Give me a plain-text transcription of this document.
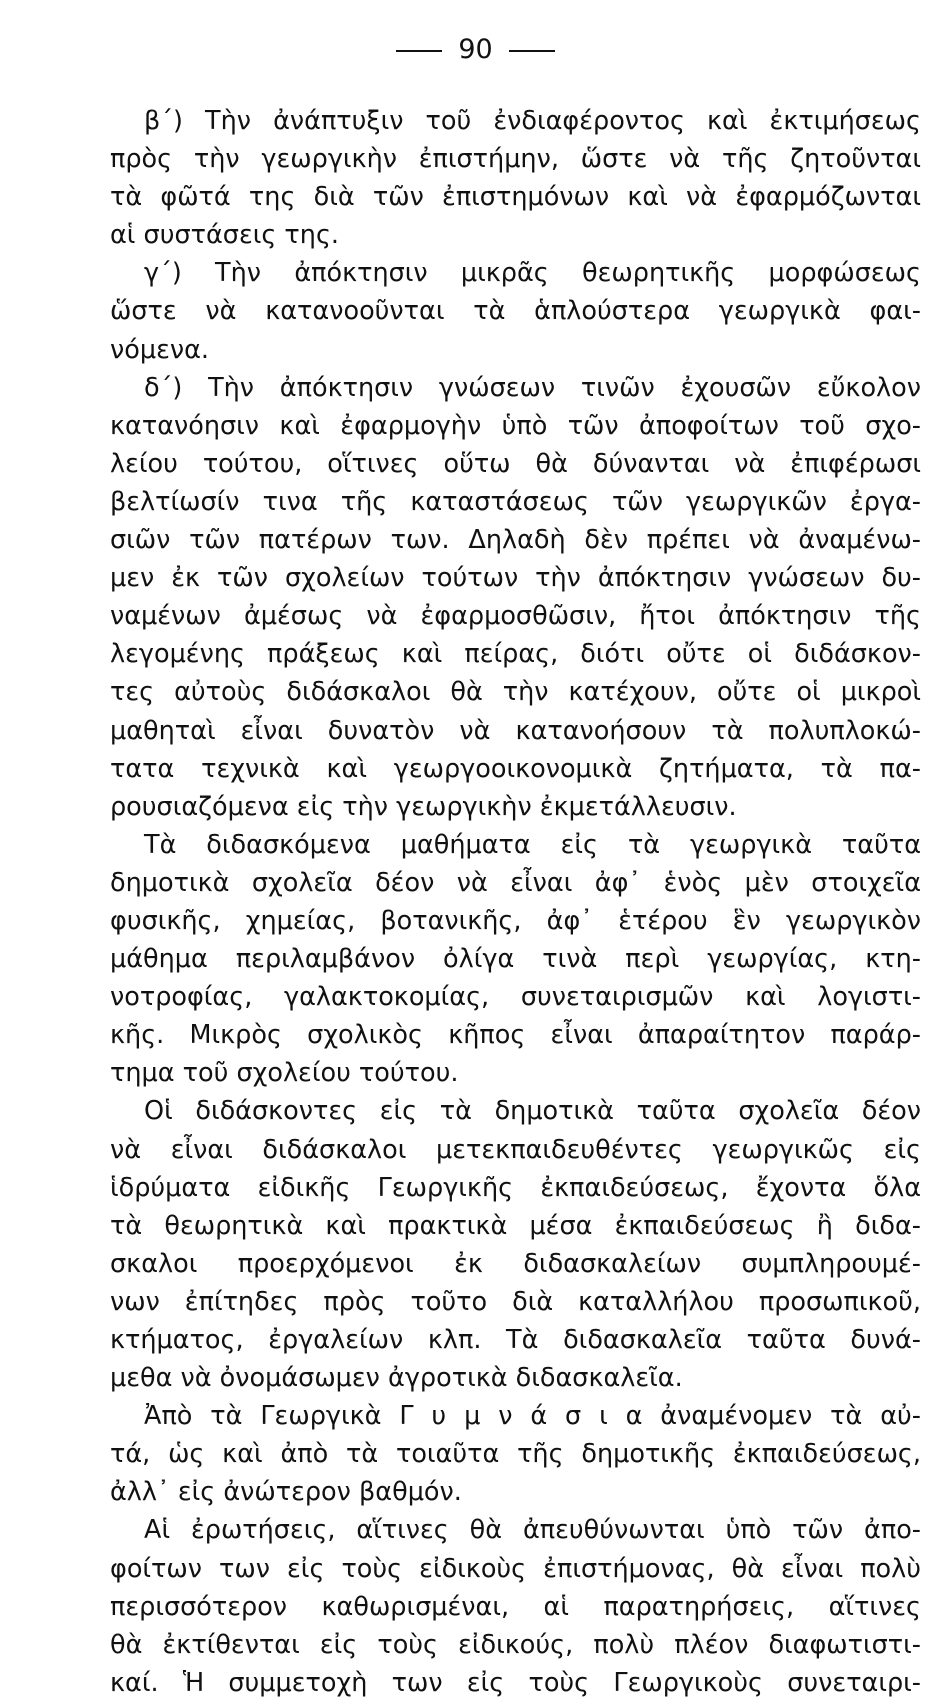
90
β΄) Τὴν ἀνάπτυξιν τοῦ ἐνδιαφέροντος καὶ ἐκτιμήσεως
πρὸς τὴν γεωργικὴν ἐπιστήμην, ὥστε νὰ τῆς ζητοῦνται
τὰ φῶτά της διὰ τῶν ἐπιστημόνων καὶ νὰ ἐφαρμόζωνται
αἱ συστάσεις της.
γ΄) Τὴν ἀπόκτησιν μικρᾶς θεωρητικῆς μορφώσεως
ὥστε νὰ κατανοοῦνται τὰ ἁπλούστερα γεωργικὰ φαι-
νόμενα.
δ΄) Τὴν ἀπόκτησιν γνώσεων τινῶν ἐχουσῶν εὔκολον
κατανόησιν καὶ ἐφαρμογὴν ὑπὸ τῶν ἀποφοίτων τοῦ σχο-
λείου τούτου, οἵτινες οὕτω θὰ δύνανται νὰ ἐπιφέρωσι
βελτίωσίν τινα τῆς καταστάσεως τῶν γεωργικῶν ἐργα-
σιῶν τῶν πατέρων των. Δηλαδὴ δὲν πρέπει νὰ ἀναμένω-
μεν ἐκ τῶν σχολείων τούτων τὴν ἀπόκτησιν γνώσεων δυ-
ναμένων ἀμέσως νὰ ἐφαρμοσθῶσιν, ἤτοι ἀπόκτησιν τῆς
λεγομένης πράξεως καὶ πείρας, διότι οὔτε οἱ διδάσκον-
τες αὐτοὺς διδάσκαλοι θὰ τὴν κατέχουν, οὔτε οἱ μικροὶ
μαθηταὶ εἶναι δυνατὸν νὰ κατανοήσουν τὰ πολυπλοκώ-
τατα τεχνικὰ καὶ γεωργοοικονομικὰ ζητήματα, τὰ πα-
ρουσιαζόμενα εἰς τὴν γεωργικὴν ἐκμετάλλευσιν.
Τὰ διδασκόμενα μαθήματα εἰς τὰ γεωργικὰ ταῦτα
δημοτικὰ σχολεῖα δέον νὰ εἶναι ἀφ᾽ ἑνὸς μὲν στοιχεῖα
φυσικῆς, χημείας, βοτανικῆς, ἀφ᾽ ἑτέρου ἓν γεωργικὸν
μάθημα περιλαμβάνον ὀλίγα τινὰ περὶ γεωργίας, κτη-
νοτροφίας, γαλακτοκομίας, συνεταιρισμῶν καὶ λογιστι-
κῆς. Μικρὸς σχολικὸς κῆπος εἶναι ἀπαραίτητον παράρ-
τημα τοῦ σχολείου τούτου.
Οἱ διδάσκοντες εἰς τὰ δημοτικὰ ταῦτα σχολεῖα δέον
νὰ εἶναι διδάσκαλοι μετεκπαιδευθέντες γεωργικῶς εἰς
ἱδρύματα εἰδικῆς Γεωργικῆς ἐκπαιδεύσεως, ἔχοντα ὅλα
τὰ θεωρητικὰ καὶ πρακτικὰ μέσα ἐκπαιδεύσεως ἢ διδα-
σκαλοι προερχόμενοι ἐκ διδασκαλείων συμπληρουμέ-
νων ἐπίτηδες πρὸς τοῦτο διὰ καταλλήλου προσωπικοῦ,
κτήματος, ἐργαλείων κλπ. Τὰ διδασκαλεῖα ταῦτα δυνά-
μεθα νὰ ὀνομάσωμεν ἀγροτικὰ διδασκαλεῖα.
Ἀπὸ τὰ Γεωργικὰ Γ υ μ ν ά σ ι α ἀναμένομεν τὰ αὐ-
τά, ὡς καὶ ἀπὸ τὰ τοιαῦτα τῆς δημοτικῆς ἐκπαιδεύσεως,
ἀλλ᾽ εἰς ἀνώτερον βαθμόν.
Αἱ ἐρωτήσεις, αἵτινες θὰ ἀπευθύνωνται ὑπὸ τῶν ἀπο-
φοίτων των εἰς τοὺς εἰδικοὺς ἐπιστήμονας, θὰ εἶναι πολὺ
περισσότερον καθωρισμέναι, αἱ παρατηρήσεις, αἵτινες
θὰ ἐκτίθενται εἰς τοὺς εἰδικούς, πολὺ πλέον διαφωτιστι-
καί. Ἡ συμμετοχὴ των εἰς τοὺς Γεωργικοὺς συνεταιρι-
